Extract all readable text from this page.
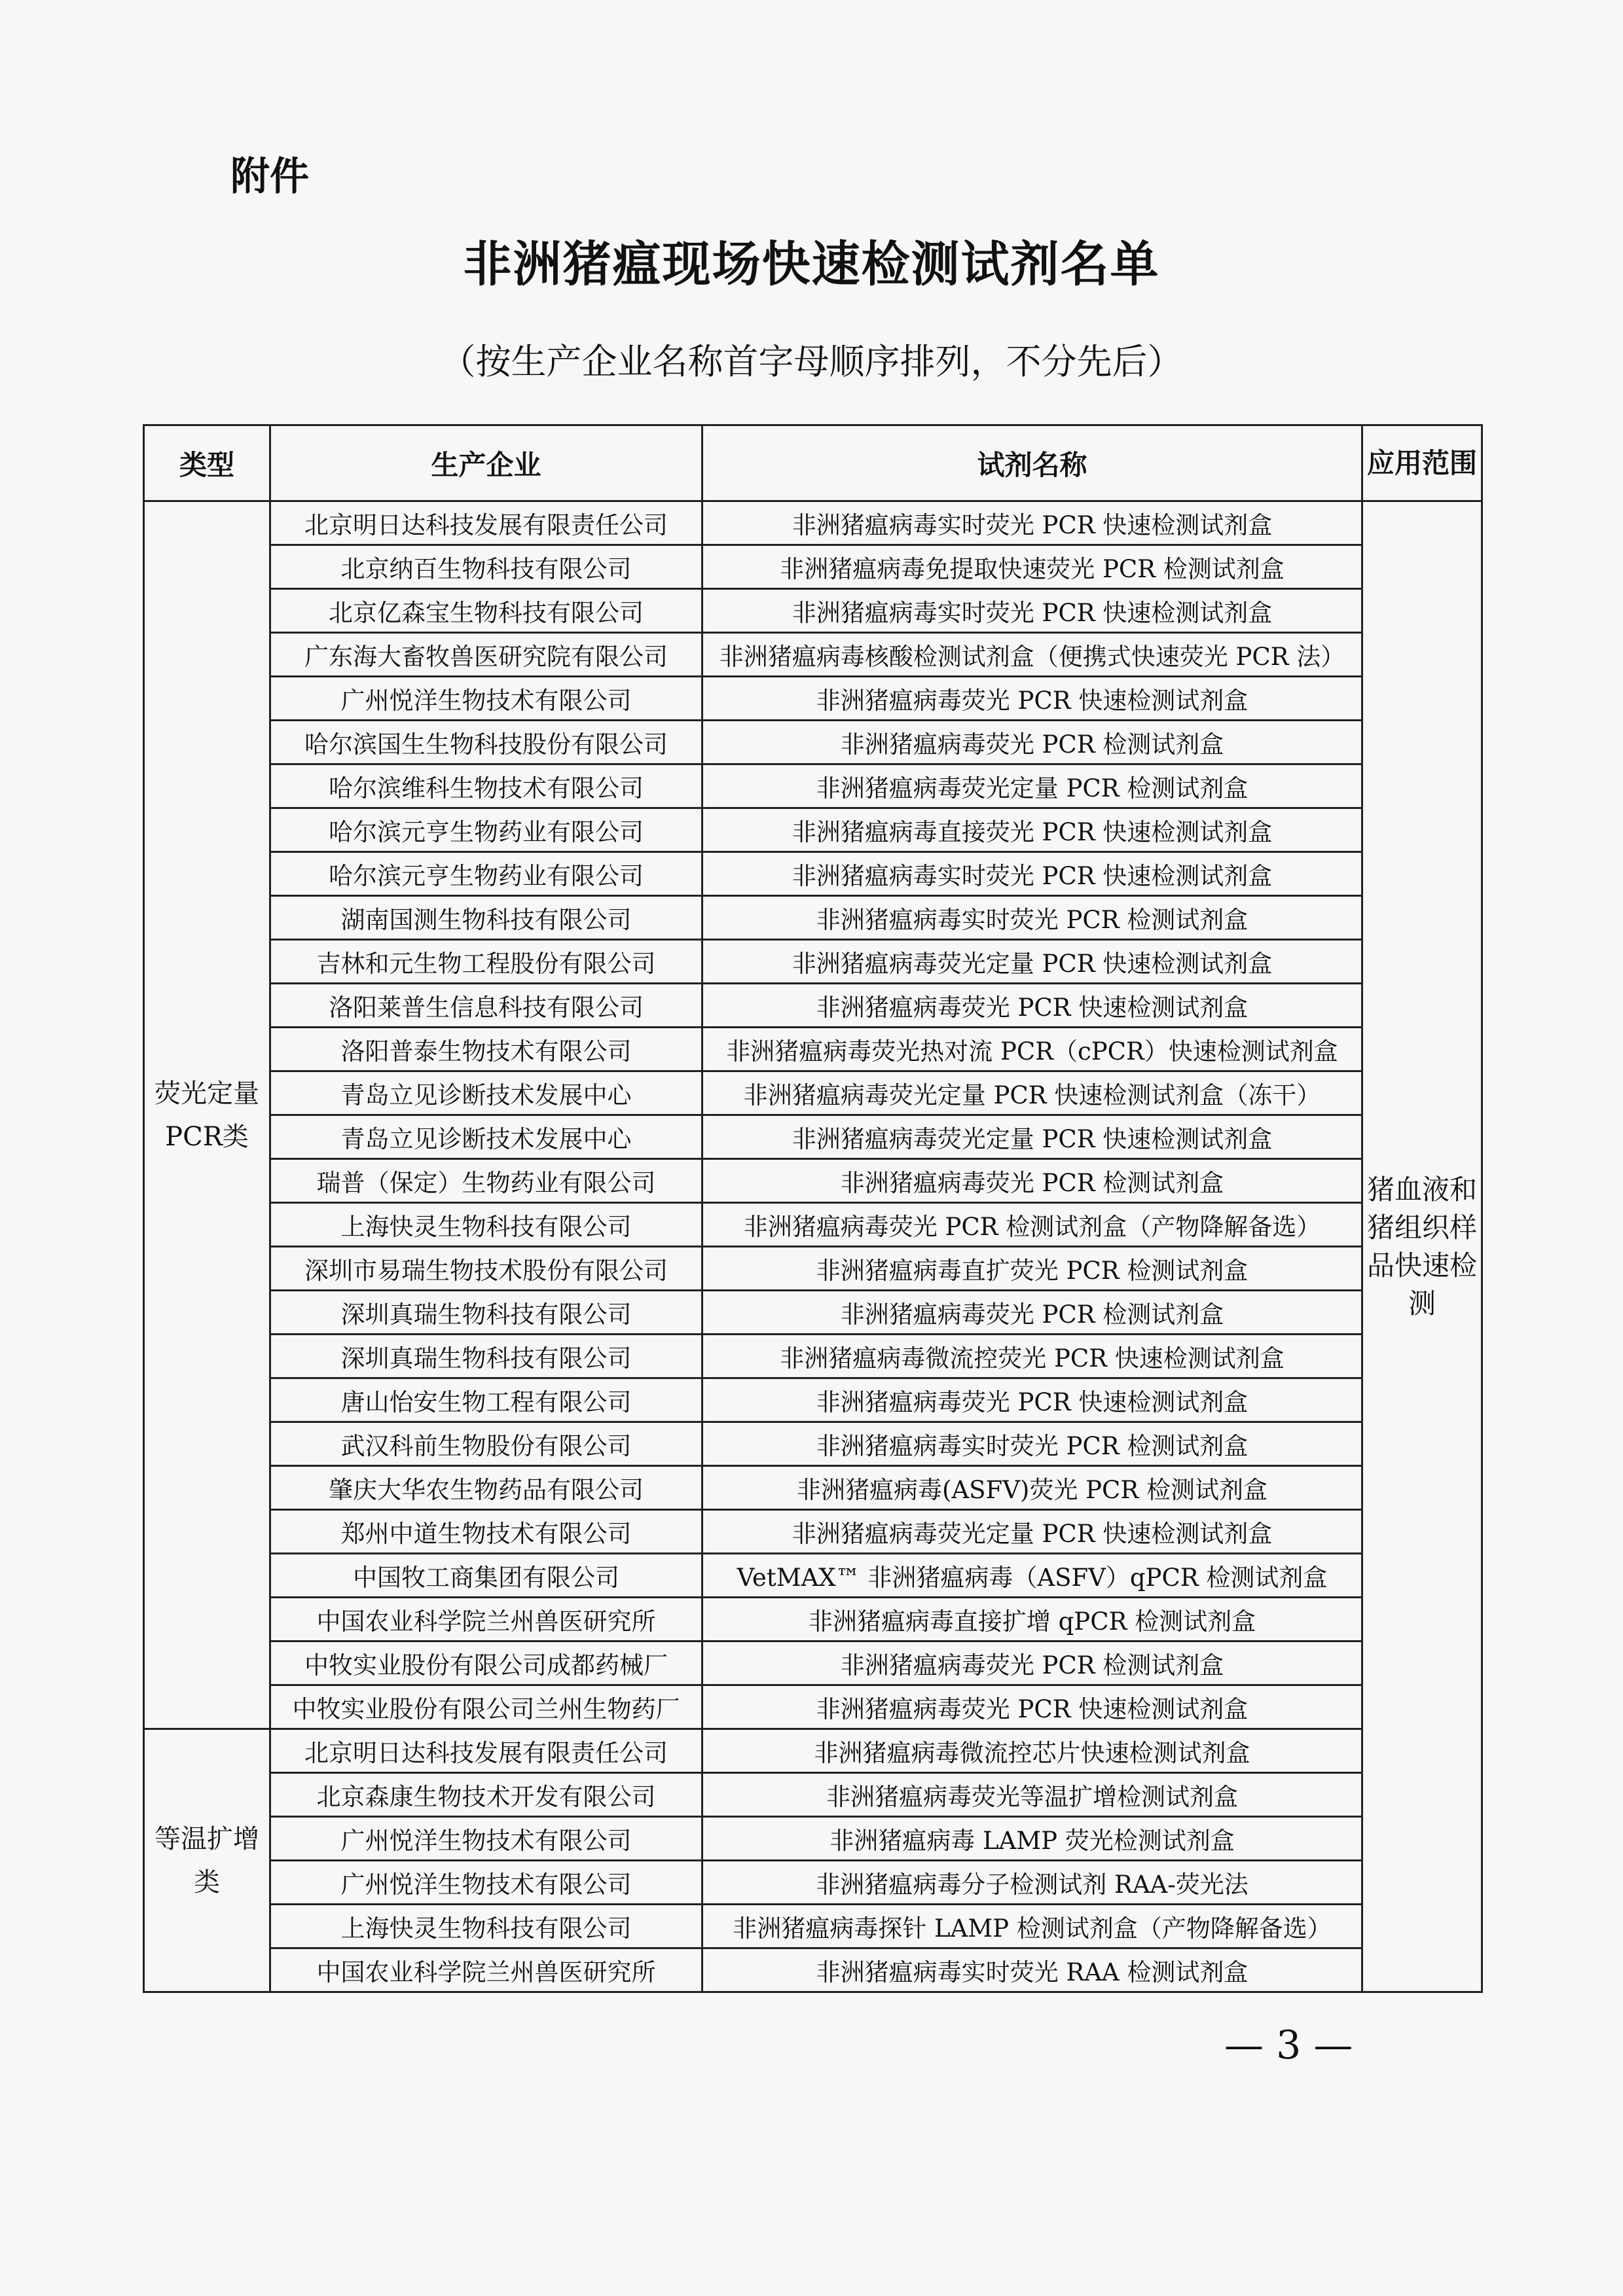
附件
非洲猪瘟现场快速检测试剂名单
（按生产企业名称首字母顺序排列，不分先后）
类型	生产企业	试剂名称	应用范围
荧光定量PCR类	北京明日达科技发展有限责任公司	非洲猪瘟病毒实时荧光 PCR 快速检测试剂盒	猪血液和猪组织样品快速检测
	北京纳百生物科技有限公司	非洲猪瘟病毒免提取快速荧光 PCR 检测试剂盒	
	北京亿森宝生物科技有限公司	非洲猪瘟病毒实时荧光 PCR 快速检测试剂盒	
	广东海大畜牧兽医研究院有限公司	非洲猪瘟病毒核酸检测试剂盒（便携式快速荧光 PCR 法）	
	广州悦洋生物技术有限公司	非洲猪瘟病毒荧光 PCR 快速检测试剂盒	
	哈尔滨国生生物科技股份有限公司	非洲猪瘟病毒荧光 PCR 检测试剂盒	
	哈尔滨维科生物技术有限公司	非洲猪瘟病毒荧光定量 PCR 检测试剂盒	
	哈尔滨元亨生物药业有限公司	非洲猪瘟病毒直接荧光 PCR 快速检测试剂盒	
	哈尔滨元亨生物药业有限公司	非洲猪瘟病毒实时荧光 PCR 快速检测试剂盒	
	湖南国测生物科技有限公司	非洲猪瘟病毒实时荧光 PCR 检测试剂盒	
	吉林和元生物工程股份有限公司	非洲猪瘟病毒荧光定量 PCR 快速检测试剂盒	
	洛阳莱普生信息科技有限公司	非洲猪瘟病毒荧光 PCR 快速检测试剂盒	
	洛阳普泰生物技术有限公司	非洲猪瘟病毒荧光热对流 PCR（cPCR）快速检测试剂盒	
	青岛立见诊断技术发展中心	非洲猪瘟病毒荧光定量 PCR 快速检测试剂盒（冻干）	
	青岛立见诊断技术发展中心	非洲猪瘟病毒荧光定量 PCR 快速检测试剂盒	
	瑞普（保定）生物药业有限公司	非洲猪瘟病毒荧光 PCR 检测试剂盒	
	上海快灵生物科技有限公司	非洲猪瘟病毒荧光 PCR 检测试剂盒（产物降解备选）	
	深圳市易瑞生物技术股份有限公司	非洲猪瘟病毒直扩荧光 PCR 检测试剂盒	
	深圳真瑞生物科技有限公司	非洲猪瘟病毒荧光 PCR 检测试剂盒	
	深圳真瑞生物科技有限公司	非洲猪瘟病毒微流控荧光 PCR 快速检测试剂盒	
	唐山怡安生物工程有限公司	非洲猪瘟病毒荧光 PCR 快速检测试剂盒	
	武汉科前生物股份有限公司	非洲猪瘟病毒实时荧光 PCR 检测试剂盒	
	肇庆大华农生物药品有限公司	非洲猪瘟病毒(ASFV)荧光 PCR 检测试剂盒	
	郑州中道生物技术有限公司	非洲猪瘟病毒荧光定量 PCR 快速检测试剂盒	
	中国牧工商集团有限公司	VetMAX™ 非洲猪瘟病毒（ASFV）qPCR 检测试剂盒	
	中国农业科学院兰州兽医研究所	非洲猪瘟病毒直接扩增 qPCR 检测试剂盒	
	中牧实业股份有限公司成都药械厂	非洲猪瘟病毒荧光 PCR 检测试剂盒	
	中牧实业股份有限公司兰州生物药厂	非洲猪瘟病毒荧光 PCR 快速检测试剂盒	
等温扩增类	北京明日达科技发展有限责任公司	非洲猪瘟病毒微流控芯片快速检测试剂盒	
	北京森康生物技术开发有限公司	非洲猪瘟病毒荧光等温扩增检测试剂盒	
	广州悦洋生物技术有限公司	非洲猪瘟病毒 LAMP 荧光检测试剂盒	
	广州悦洋生物技术有限公司	非洲猪瘟病毒分子检测试剂 RAA-荧光法	
	上海快灵生物科技有限公司	非洲猪瘟病毒探针 LAMP 检测试剂盒（产物降解备选）	
	中国农业科学院兰州兽医研究所	非洲猪瘟病毒实时荧光 RAA 检测试剂盒	
— 3 —
